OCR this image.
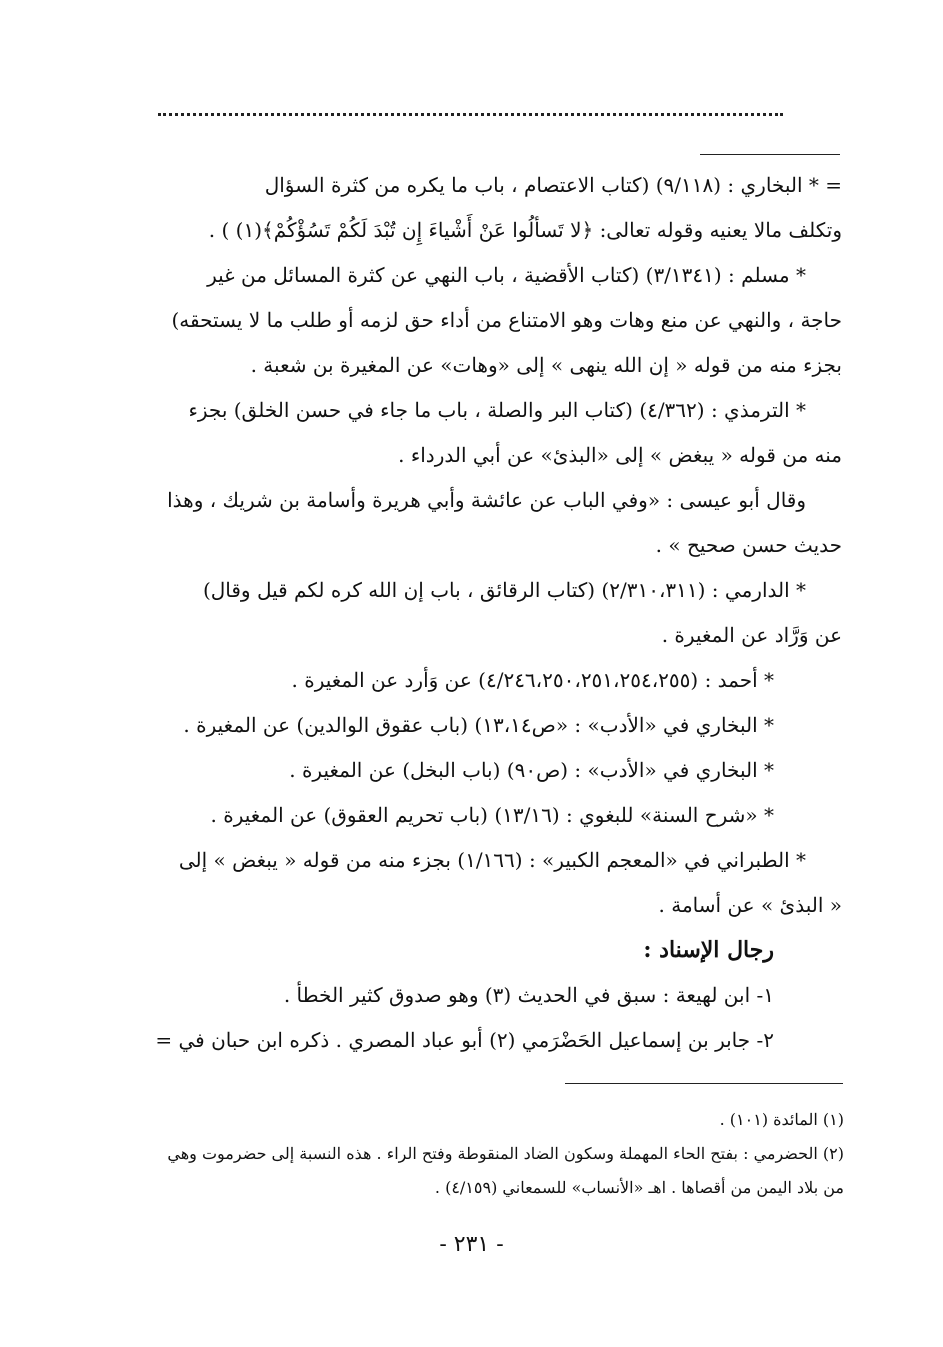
= * البخاري : (٩/١١٨) (كتاب الاعتصام ، باب ما يكره من كثرة السؤال

وتكلف مالا يعنيه وقوله تعالى: ﴿لا تَسألُوا عَنْ أَشْياءَ إِن تُبْدَ لَكُمْ تَسُؤْكُمْ﴾(١) ) .

* مسلم : (٣/١٣٤١) (كتاب الأقضية ، باب النهي عن كثرة المسائل من غير

حاجة ، والنهي عن منع وهات وهو الامتناع من أداء حق لزمه أو طلب ما لا يستحقه)

بجزء منه من قوله « إن الله ينهى » إلى «وهات» عن المغيرة بن شعبة .

* الترمذي : (٤/٣٦٢) (كتاب البر والصلة ، باب ما جاء في حسن الخلق) بجزء

منه من قوله « يبغض » إلى «البذئ» عن أبي الدرداء .

وقال أبو عيسى : «وفي الباب عن عائشة وأبي هريرة وأسامة بن شريك ، وهذا

حديث حسن صحيح » .

* الدارمي : (٢/٣١٠،٣١١) (كتاب الرقائق ، باب إن الله كره لكم قيل وقال)

عن وَرَّاد عن المغيرة .

* أحمد : (٤/٢٤٦،٢٥٠،٢٥١،٢٥٤،٢٥٥) عن وَأرد عن المغيرة .

* البخاري في «الأدب» : «ص١٣،١٤) (باب عقوق الوالدين) عن المغيرة .

* البخاري في «الأدب» : (ص٩٠) (باب البخل) عن المغيرة .

* «شرح السنة» للبغوي : (١٣/١٦) (باب تحريم العقوق) عن المغيرة .

* الطبراني في «المعجم الكبير» : (١/١٦٦) بجزء منه من قوله « يبغض » إلى

« البذئ » عن أسامة .

رجال الإسناد :

١- ابن لهيعة : سبق في الحديث (٣) وهو صدوق كثير الخطأ .

٢- جابر بن إسماعيل الحَضْرَمي (٢) أبو عباد المصري . ذكره ابن حبان في =

(١) المائدة (١٠١) .

(٢) الحضرمي : بفتح الحاء المهملة وسكون الضاد المنقوطة وفتح الراء . هذه النسبة إلى حضرموت وهي

من بلاد اليمن من أقصاها . اهـ «الأنساب» للسمعاني (٤/١٥٩) .

- ٢٣١ -
